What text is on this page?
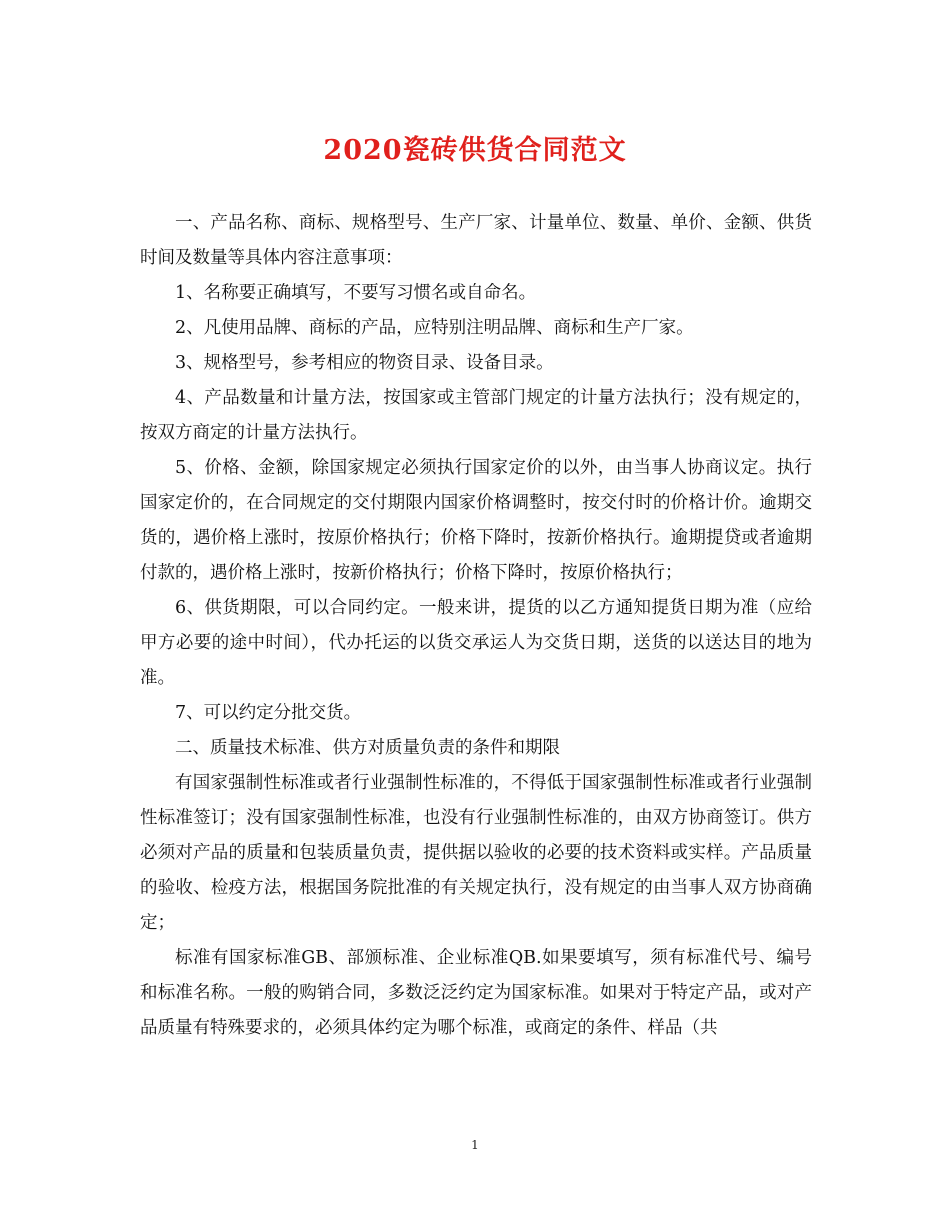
2020瓷砖供货合同范文

一、产品名称、商标、规格型号、生产厂家、计量单位、数量、单价、金额、供货时间及数量等具体内容注意事项：

1、名称要正确填写，不要写习惯名或自命名。

2、凡使用品牌、商标的产品，应特别注明品牌、商标和生产厂家。

3、规格型号，参考相应的物资目录、设备目录。

4、产品数量和计量方法，按国家或主管部门规定的计量方法执行；没有规定的，按双方商定的计量方法执行。

5、价格、金额，除国家规定必须执行国家定价的以外，由当事人协商议定。执行国家定价的，在合同规定的交付期限内国家价格调整时，按交付时的价格计价。逾期交货的，遇价格上涨时，按原价格执行；价格下降时，按新价格执行。逾期提贷或者逾期付款的，遇价格上涨时，按新价格执行；价格下降时，按原价格执行；

6、供货期限，可以合同约定。一般来讲，提货的以乙方通知提货日期为准（应给甲方必要的途中时间），代办托运的以货交承运人为交货日期，送货的以送达目的地为准。

7、可以约定分批交货。

二、质量技术标准、供方对质量负责的条件和期限

有国家强制性标准或者行业强制性标准的，不得低于国家强制性标准或者行业强制性标准签订；没有国家强制性标准，也没有行业强制性标准的，由双方协商签订。供方必须对产品的质量和包装质量负责，提供据以验收的必要的技术资料或实样。产品质量的验收、检疫方法，根据国务院批准的有关规定执行，没有规定的由当事人双方协商确定；

标准有国家标准GB、部颁标准、企业标准QB.如果要填写，须有标准代号、编号和标准名称。一般的购销合同，多数泛泛约定为国家标准。如果对于特定产品，或对产品质量有特殊要求的，必须具体约定为哪个标准，或商定的条件、样品（共

1
